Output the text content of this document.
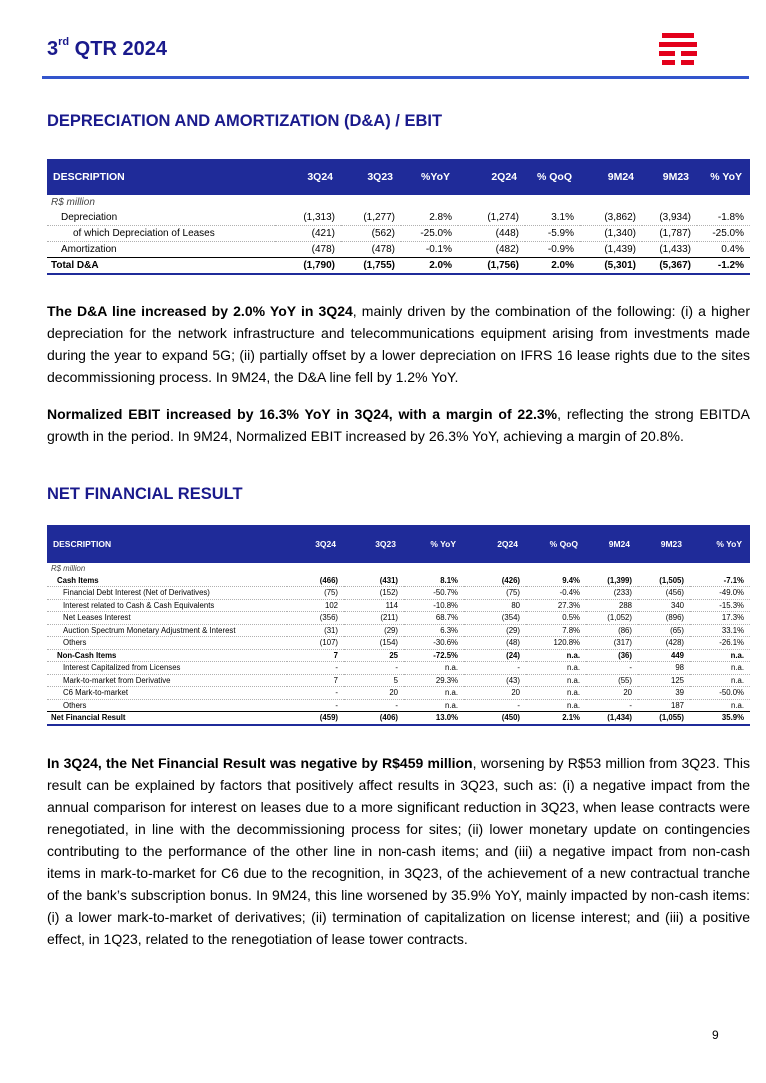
3rd QTR 2024
DEPRECIATION AND AMORTIZATION (D&A) / EBIT
DESCRIPTION	3Q24	3Q23	%YoY	2Q24	% QoQ	9M24	9M23	% YoY
R$ million								
Depreciation	(1,313)	(1,277)	2.8%	(1,274)	3.1%	(3,862)	(3,934)	-1.8%
of which Depreciation of Leases	(421)	(562)	-25.0%	(448)	-5.9%	(1,340)	(1,787)	-25.0%
Amortization	(478)	(478)	-0.1%	(482)	-0.9%	(1,439)	(1,433)	0.4%
Total D&A	(1,790)	(1,755)	2.0%	(1,756)	2.0%	(5,301)	(5,367)	-1.2%
The D&A line increased by 2.0% YoY in 3Q24, mainly driven by the combination of the following: (i) a higher depreciation for the network infrastructure and telecommunications equipment arising from investments made during the year to expand 5G; (ii) partially offset by a lower depreciation on IFRS 16 lease rights due to the sites decommissioning process. In 9M24, the D&A line fell by 1.2% YoY.
Normalized EBIT increased by 16.3% YoY in 3Q24, with a margin of 22.3%, reflecting the strong EBITDA growth in the period. In 9M24, Normalized EBIT increased by 26.3% YoY, achieving a margin of 20.8%.
NET FINANCIAL RESULT
DESCRIPTION	3Q24	3Q23	% YoY	2Q24	% QoQ	9M24	9M23	% YoY
R$ million								
Cash Items	(466)	(431)	8.1%	(426)	9.4%	(1,399)	(1,505)	-7.1%
Financial Debt Interest (Net of Derivatives)	(75)	(152)	-50.7%	(75)	-0.4%	(233)	(456)	-49.0%
Interest related to Cash & Cash Equivalents	102	114	-10.8%	80	27.3%	288	340	-15.3%
Net Leases Interest	(356)	(211)	68.7%	(354)	0.5%	(1,052)	(896)	17.3%
Auction Spectrum Monetary Adjustment & Interest	(31)	(29)	6.3%	(29)	7.8%	(86)	(65)	33.1%
Others	(107)	(154)	-30.6%	(48)	120.8%	(317)	(428)	-26.1%
Non-Cash Items	7	25	-72.5%	(24)	n.a.	(36)	449	n.a.
Interest Capitalized from Licenses	-	-	n.a.	-	n.a.	-	98	n.a.
Mark-to-market from Derivative	7	5	29.3%	(43)	n.a.	(55)	125	n.a.
C6 Mark-to-market	-	20	n.a.	20	n.a.	20	39	-50.0%
Others	-	-	n.a.	-	n.a.	-	187	n.a.
Net Financial Result	(459)	(406)	13.0%	(450)	2.1%	(1,434)	(1,055)	35.9%
In 3Q24, the Net Financial Result was negative by R$459 million, worsening by R$53 million from 3Q23. This result can be explained by factors that positively affect results in 3Q23, such as: (i) a negative impact from the annual comparison for interest on leases due to a more significant reduction in 3Q23, when lease contracts were renegotiated, in line with the decommissioning process for sites; (ii) lower monetary update on contingencies contributing to the performance of the other line in non-cash items; and (iii) a negative impact from non-cash items in mark-to-market for C6 due to the recognition, in 3Q23, of the achievement of a new contractual tranche of the bank’s subscription bonus. In 9M24, this line worsened by 35.9% YoY, mainly impacted by non-cash items: (i) a lower mark-to-market of derivatives; (ii) termination of capitalization on license interest; and (iii) a positive effect, in 1Q23, related to the renegotiation of lease tower contracts.
9
